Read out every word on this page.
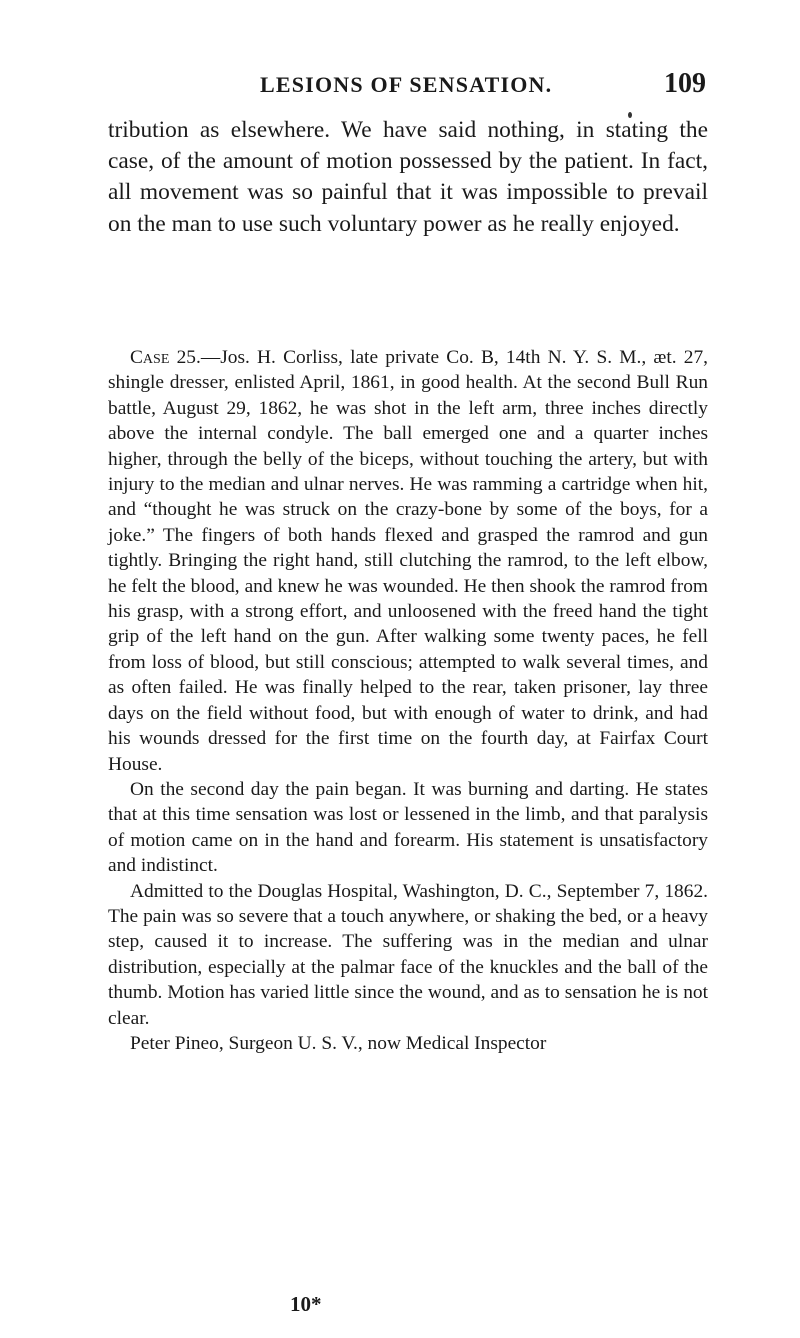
LESIONS OF SENSATION.	109

tribution as elsewhere. We have said nothing, in stating the case, of the amount of motion possessed by the patient. In fact, all movement was so painful that it was impossible to prevail on the man to use such voluntary power as he really enjoyed.

Case 25.—Jos. H. Corliss, late private Co. B, 14th N. Y. S. M., æt. 27, shingle dresser, enlisted April, 1861, in good health. At the second Bull Run battle, August 29, 1862, he was shot in the left arm, three inches directly above the internal condyle. The ball emerged one and a quarter inches higher, through the belly of the biceps, without touching the artery, but with injury to the median and ulnar nerves. He was ramming a cartridge when hit, and “thought he was struck on the crazy-bone by some of the boys, for a joke.” The fingers of both hands flexed and grasped the ramrod and gun tightly. Bringing the right hand, still clutching the ramrod, to the left elbow, he felt the blood, and knew he was wounded. He then shook the ramrod from his grasp, with a strong effort, and unloosened with the freed hand the tight grip of the left hand on the gun. After walking some twenty paces, he fell from loss of blood, but still conscious; attempted to walk several times, and as often failed. He was finally helped to the rear, taken prisoner, lay three days on the field without food, but with enough of water to drink, and had his wounds dressed for the first time on the fourth day, at Fairfax Court House.

On the second day the pain began. It was burning and darting. He states that at this time sensation was lost or lessened in the limb, and that paralysis of motion came on in the hand and forearm. His statement is unsatisfactory and indistinct.

Admitted to the Douglas Hospital, Washington, D. C., September 7, 1862. The pain was so severe that a touch anywhere, or shaking the bed, or a heavy step, caused it to increase. The suffering was in the median and ulnar distribution, especially at the palmar face of the knuckles and the ball of the thumb. Motion has varied little since the wound, and as to sensation he is not clear.

Peter Pineo, Surgeon U. S. V., now Medical Inspector

10*
